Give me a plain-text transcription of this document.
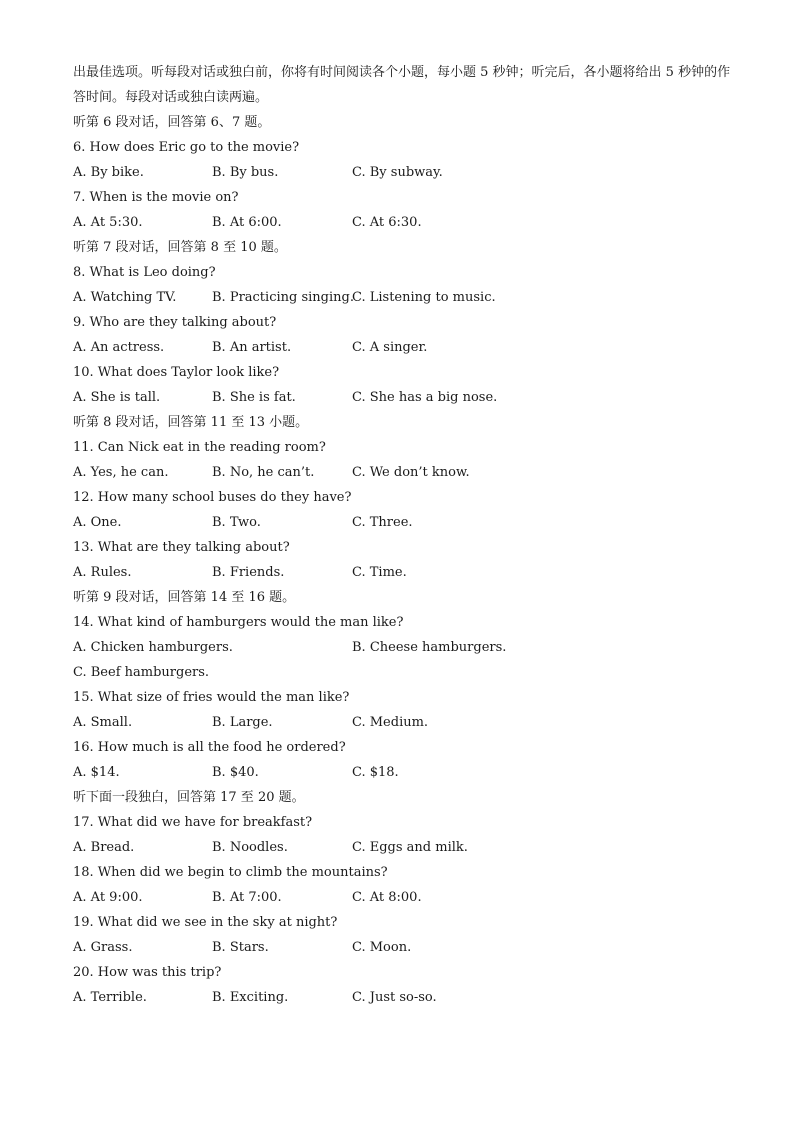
出最佳选项。听每段对话或独白前，你将有时间阅读各个小题，每小题 5 秒钟；听完后，各小题将给出 5 秒钟的作答时间。每段对话或独白读两遍。

听第 6 段对话，回答第 6、7 题。
6. How does Eric go to the movie?
A. By bike.	B. By bus.	C. By subway.
7. When is the movie on?
A. At 5:30.	B. At 6:00.	C. At 6:30.
听第 7 段对话，回答第 8 至 10 题。
8. What is Leo doing?
A. Watching TV.	B. Practicing singing.
C. Listening to music.
9. Who are they talking about?
A. An actress.	B. An artist.	C. A singer.
10. What does Taylor look like?
A. She is tall.	B. She is fat.	C. She has a big nose.
听第 8 段对话，回答第 11 至 13 小题。
11. Can Nick eat in the reading room?
A. Yes, he can.	B. No, he can’t.	C. We don’t know.
12. How many school buses do they have?
A. One.	B. Two.	C. Three.
13. What are they talking about?
A. Rules.	B. Friends.	C. Time.
听第 9 段对话，回答第 14 至 16 题。
14. What kind of hamburgers would the man like?
A. Chicken hamburgers.	B. Cheese hamburgers.
C. Beef hamburgers.
15. What size of fries would the man like?
A. Small.	B. Large.	C. Medium.
16. How much is all the food he ordered?
A. $14.	B. $40.	C. $18.
听下面一段独白，回答第 17 至 20 题。
17. What did we have for breakfast?
A. Bread.	B. Noodles.	C. Eggs and milk.
18. When did we begin to climb the mountains?
A. At 9:00.	B. At 7:00.	C. At 8:00.
19. What did we see in the sky at night?
A. Grass.	B. Stars.	C. Moon.
20. How was this trip?
A. Terrible.	B. Exciting.	C. Just so-so.
